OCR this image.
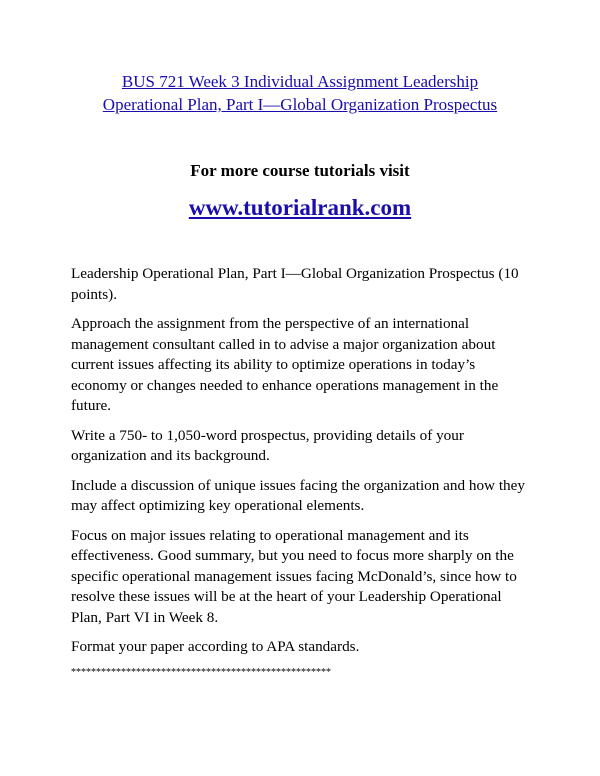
BUS 721 Week 3 Individual Assignment Leadership
Operational Plan, Part I—Global Organization Prospectus
For more course tutorials visit
www.tutorialrank.com

Leadership Operational Plan, Part I—Global Organization Prospectus (10 points).

Approach the assignment from the perspective of an international management consultant called in to advise a major organization about current issues affecting its ability to optimize operations in today’s economy or changes needed to enhance operations management in the future.

Write a 750- to 1,050-word prospectus, providing details of your organization and its background.

Include a discussion of unique issues facing the organization and how they may affect optimizing key operational elements.

Focus on major issues relating to operational management and its effectiveness. Good summary, but you need to focus more sharply on the specific operational management issues facing McDonald’s, since how to resolve these issues will be at the heart of your Leadership Operational Plan, Part VI in Week 8.

Format your paper according to APA standards.

****************************************************
